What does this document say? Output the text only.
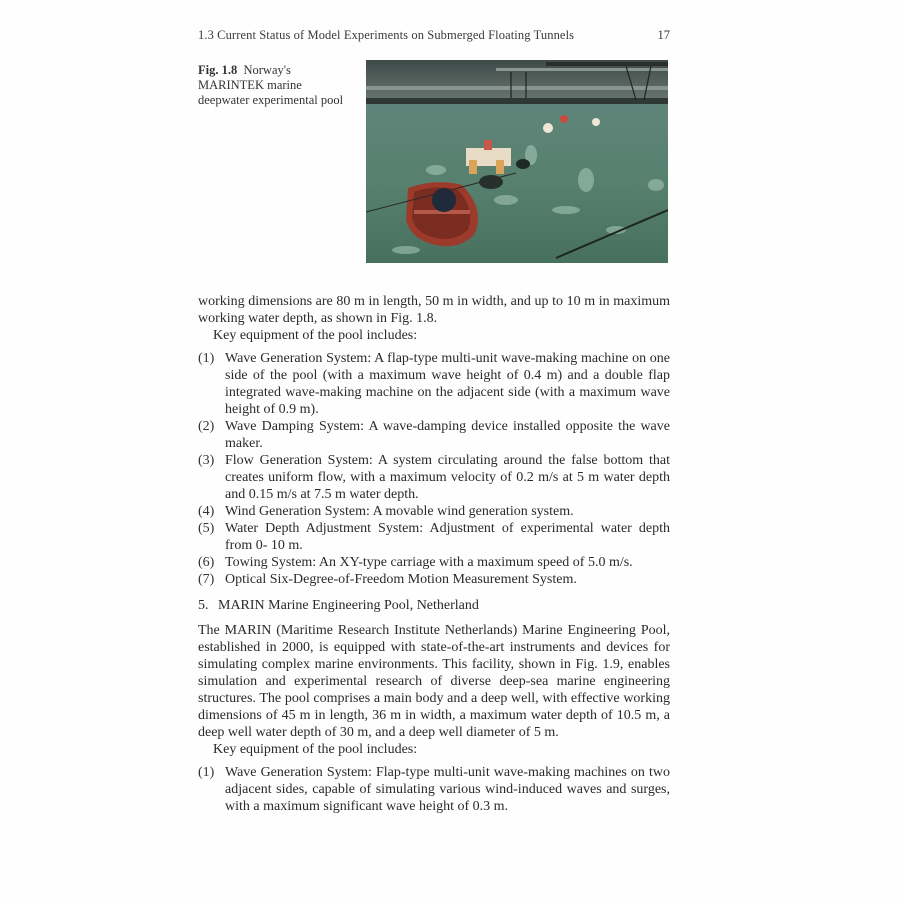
1.3 Current Status of Model Experiments on Submerged Floating Tunnels	17
Fig. 1.8 Norway's MARINTEK marine deepwater experimental pool

working dimensions are 80 m in length, 50 m in width, and up to 10 m in maximum working water depth, as shown in Fig. 1.8.

Key equipment of the pool includes:

(1) Wave Generation System: A flap-type multi-unit wave-making machine on one side of the pool (with a maximum wave height of 0.4 m) and a double flap integrated wave-making machine on the adjacent side (with a maximum wave height of 0.9 m).
(2) Wave Damping System: A wave-damping device installed opposite the wave maker.
(3) Flow Generation System: A system circulating around the false bottom that creates uniform flow, with a maximum velocity of 0.2 m/s at 5 m water depth and 0.15 m/s at 7.5 m water depth.
(4) Wind Generation System: A movable wind generation system.
(5) Water Depth Adjustment System: Adjustment of experimental water depth from 0- 10 m.
(6) Towing System: An XY-type carriage with a maximum speed of 5.0 m/s.
(7) Optical Six-Degree-of-Freedom Motion Measurement System.
5. MARIN Marine Engineering Pool, Netherland

The MARIN (Maritime Research Institute Netherlands) Marine Engineering Pool, established in 2000, is equipped with state-of-the-art instruments and devices for simulating complex marine environments. This facility, shown in Fig. 1.9, enables simulation and experimental research of diverse deep-sea marine engineering structures. The pool comprises a main body and a deep well, with effective working dimensions of 45 m in length, 36 m in width, a maximum water depth of 10.5 m, a deep well water depth of 30 m, and a deep well diameter of 5 m.

Key equipment of the pool includes:

(1) Wave Generation System: Flap-type multi-unit wave-making machines on two adjacent sides, capable of simulating various wind-induced waves and surges, with a maximum significant wave height of 0.3 m.
